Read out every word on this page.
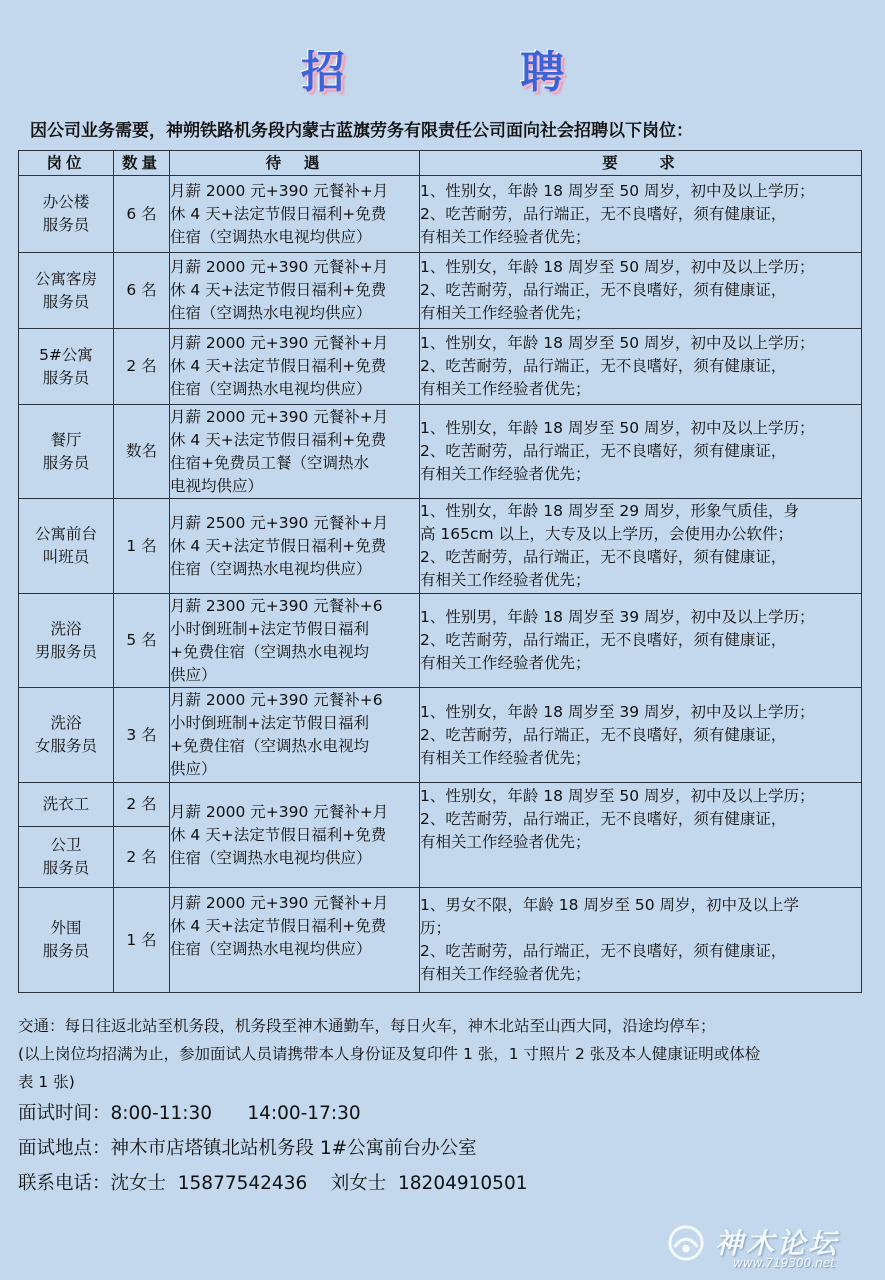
招 聘
因公司业务需要，神朔铁路机务段内蒙古蓝旗劳务有限责任公司面向社会招聘以下岗位：
岗位	数量	待  遇	要    求

办公楼
服务员	6 名	月薪 2000 元+390 元餐补+月
休 4 天+法定节假日福利+免费
住宿（空调热水电视均供应）	1、性别女，年龄 18 周岁至 50 周岁，初中及以上学历；
2、吃苦耐劳，品行端正，无不良嗜好，须有健康证，
有相关工作经验者优先；

公寓客房
服务员	6 名	月薪 2000 元+390 元餐补+月
休 4 天+法定节假日福利+免费
住宿（空调热水电视均供应）	1、性别女，年龄 18 周岁至 50 周岁，初中及以上学历；
2、吃苦耐劳，品行端正，无不良嗜好，须有健康证，
有相关工作经验者优先；

5#公寓
服务员	2 名	月薪 2000 元+390 元餐补+月
休 4 天+法定节假日福利+免费
住宿（空调热水电视均供应）	1、性别女，年龄 18 周岁至 50 周岁，初中及以上学历；
2、吃苦耐劳，品行端正，无不良嗜好，须有健康证，
有相关工作经验者优先；

餐厅
服务员	数名	月薪 2000 元+390 元餐补+月
休 4 天+法定节假日福利+免费
住宿+免费员工餐（空调热水
电视均供应）	1、性别女，年龄 18 周岁至 50 周岁，初中及以上学历；
2、吃苦耐劳，品行端正，无不良嗜好，须有健康证，
有相关工作经验者优先；

公寓前台
叫班员	1 名	月薪 2500 元+390 元餐补+月
休 4 天+法定节假日福利+免费
住宿（空调热水电视均供应）	1、性别女，年龄 18 周岁至 29 周岁，形象气质佳，身
高 165cm 以上，大专及以上学历，会使用办公软件；
2、吃苦耐劳，品行端正，无不良嗜好，须有健康证，
有相关工作经验者优先；

洗浴
男服务员	5 名	月薪 2300 元+390 元餐补+6
小时倒班制+法定节假日福利
+免费住宿（空调热水电视均
供应）	1、性别男，年龄 18 周岁至 39 周岁，初中及以上学历；
2、吃苦耐劳，品行端正，无不良嗜好，须有健康证，
有相关工作经验者优先；

洗浴
女服务员	3 名	月薪 2000 元+390 元餐补+6
小时倒班制+法定节假日福利
+免费住宿（空调热水电视均
供应）	1、性别女，年龄 18 周岁至 39 周岁，初中及以上学历；
2、吃苦耐劳，品行端正，无不良嗜好，须有健康证，
有相关工作经验者优先；

洗衣工	2 名	月薪 2000 元+390 元餐补+月
休 4 天+法定节假日福利+免费
住宿（空调热水电视均供应）	1、性别女，年龄 18 周岁至 50 周岁，初中及以上学历；
2、吃苦耐劳，品行端正，无不良嗜好，须有健康证，
有相关工作经验者优先；

公卫
服务员	2 名		

外围
服务员	1 名	月薪 2000 元+390 元餐补+月
休 4 天+法定节假日福利+免费
住宿（空调热水电视均供应）	1、男女不限，年龄 18 周岁至 50 周岁，初中及以上学
历；
2、吃苦耐劳，品行端正，无不良嗜好，须有健康证，
有相关工作经验者优先；
交通：每日往返北站至机务段，机务段至神木通勤车，每日火车，神木北站至山西大同，沿途均停车；
(以上岗位均招满为止，参加面试人员请携带本人身份证及复印件 1 张，1 寸照片 2 张及本人健康证明或体检
表 1 张)
面试时间：8:00-11:30      14:00-17:30
面试地点：神木市店塔镇北站机务段 1#公寓前台办公室
联系电话：沈女士  15877542436    刘女士  18204910501
神木论坛
www.719300.net
